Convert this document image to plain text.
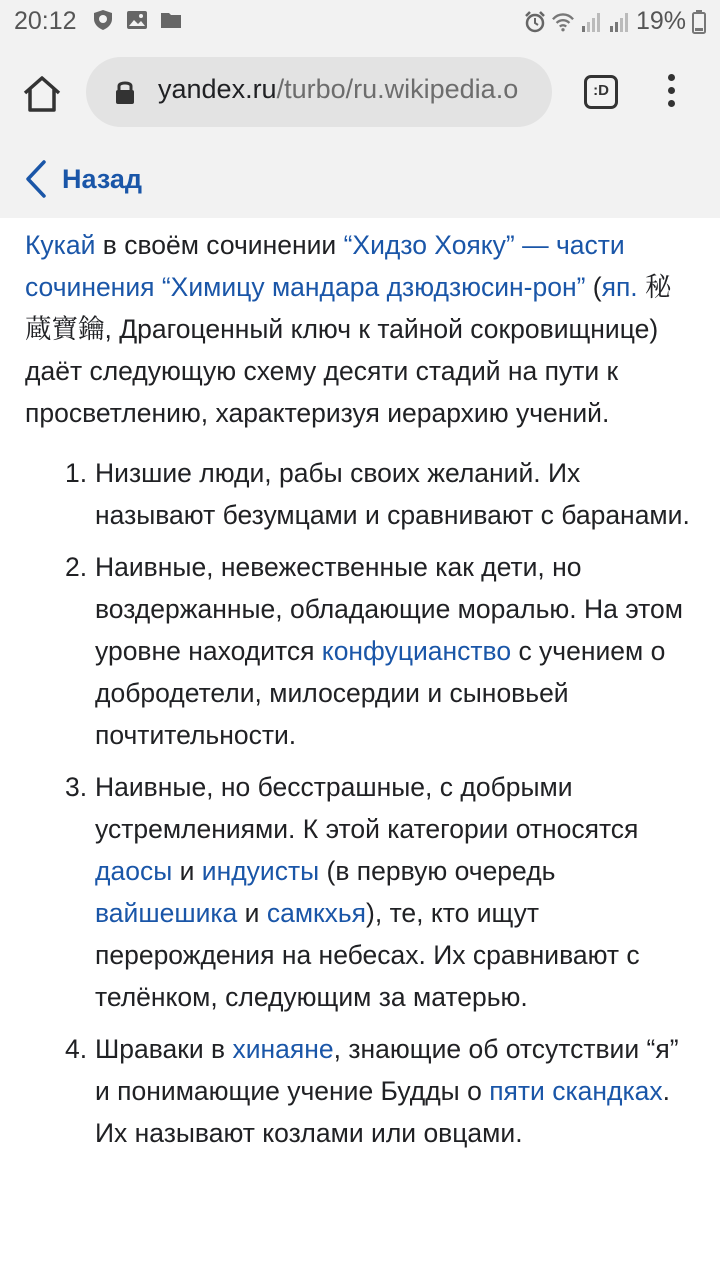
20:12	19%
yandex.ru/turbo/ru.wikipedia.o	:D
Назад

Кукай в своём сочинении “Хидзо Хояку” — части сочинения “Химицу мандара дзюдзюсин-рон” (яп. 秘蔵寶鑰, Драгоценный ключ к тайной сокровищнице) даёт следующую схему десяти стадий на пути к просветлению, характеризуя иерархию учений.

1. Низшие люди, рабы своих желаний. Их называют безумцами и сравнивают с баранами.
2. Наивные, невежественные как дети, но воздержанные, обладающие моралью. На этом уровне находится конфуцианство с учением о добродетели, милосердии и сыновьей почтительности.
3. Наивные, но бесстрашные, с добрыми устремлениями. К этой категории относятся даосы и индуисты (в первую очередь вайшешика и самкхья), те, кто ищут перерождения на небесах. Их сравнивают с телёнком, следующим за матерью.
4. Шраваки в хинаяне, знающие об отсутствии “я” и понимающие учение Будды о пяти скандках. Их называют козлами или овцами.
